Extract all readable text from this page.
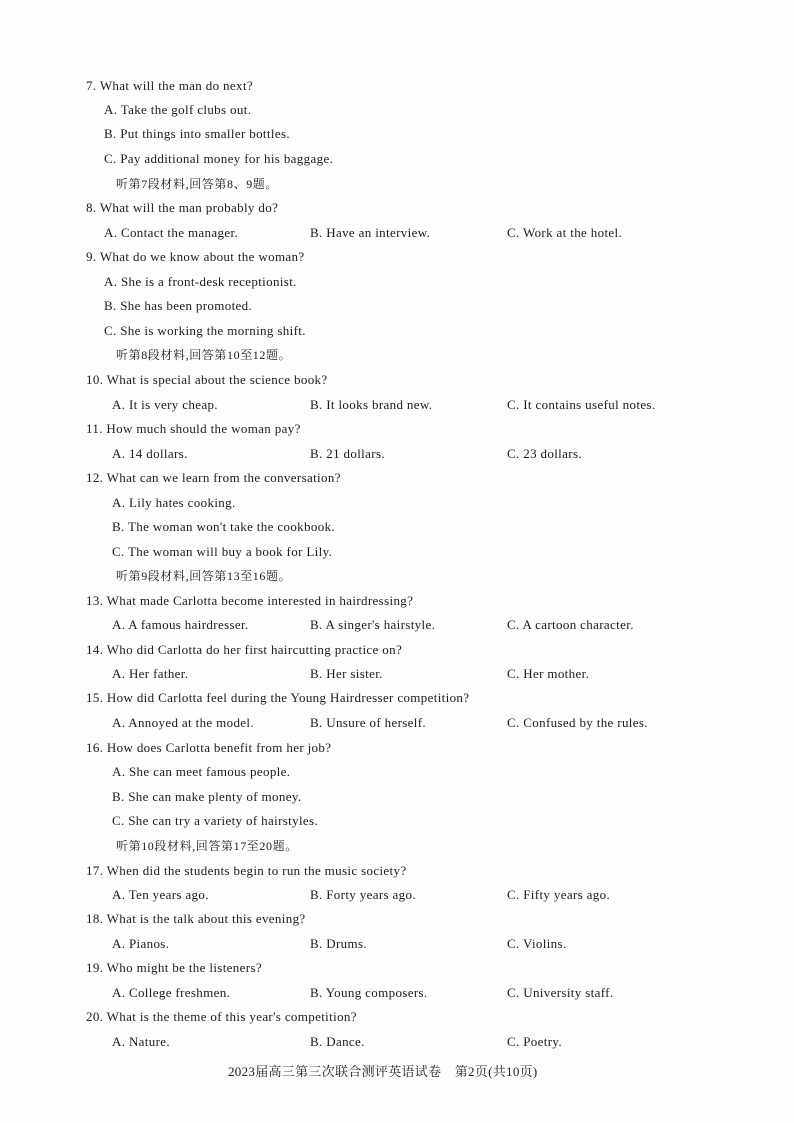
7. What will the man do next?
A. Take the golf clubs out.
B. Put things into smaller bottles.
C. Pay additional money for his baggage.
听第7段材料,回答第8、9题。
8. What will the man probably do?
A. Contact the manager.	B. Have an interview.	C. Work at the hotel.
9. What do we know about the woman?
A. She is a front-desk receptionist.
B. She has been promoted.
C. She is working the morning shift.
听第8段材料,回答第10至12题。
10. What is special about the science book?
A. It is very cheap.	B. It looks brand new.	C. It contains useful notes.
11. How much should the woman pay?
A. 14 dollars.	B. 21 dollars.	C. 23 dollars.
12. What can we learn from the conversation?
A. Lily hates cooking.
B. The woman won't take the cookbook.
C. The woman will buy a book for Lily.
听第9段材料,回答第13至16题。
13. What made Carlotta become interested in hairdressing?
A. A famous hairdresser.	B. A singer's hairstyle.	C. A cartoon character.
14. Who did Carlotta do her first haircutting practice on?
A. Her father.	B. Her sister.	C. Her mother.
15. How did Carlotta feel during the Young Hairdresser competition?
A. Annoyed at the model.	B. Unsure of herself.	C. Confused by the rules.
16. How does Carlotta benefit from her job?
A. She can meet famous people.
B. She can make plenty of money.
C. She can try a variety of hairstyles.
听第10段材料,回答第17至20题。
17. When did the students begin to run the music society?
A. Ten years ago.	B. Forty years ago.	C. Fifty years ago.
18. What is the talk about this evening?
A. Pianos.	B. Drums.	C. Violins.
19. Who might be the listeners?
A. College freshmen.	B. Young composers.	C. University staff.
20. What is the theme of this year's competition?
A. Nature.	B. Dance.	C. Poetry.
2023届高三第三次联合测评英语试卷　第2页(共10页)
